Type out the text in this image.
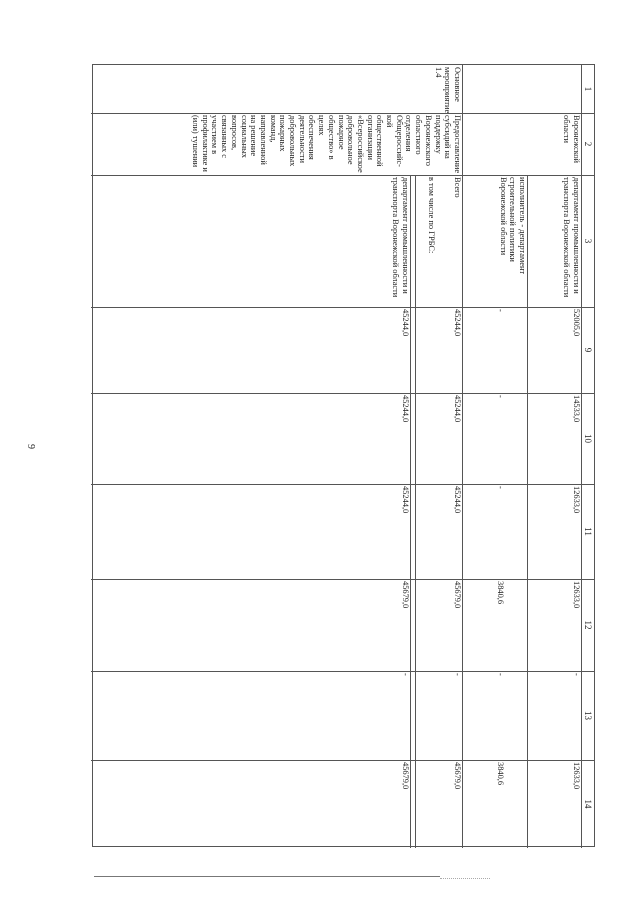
9
1
2
3
9
10
11
12
13
14
Воронежской области
департамент промышленности и транспорта Воронежской области
52005,0
14533,0
12633,0
12633,0
-
12633,0
исполнитель - департамент строительной политики Воронежской области
-
-
-
3840,6
-
3840,6
Основное мероприятие 1.4
Предоставление субсидий на поддержку Воронежского областного отделения Общероссийс-кой общественной организации «Всероссийское добровольное пожарное общество» в целях обеспечения деятельности добровольных пожарных команд, направленной на решение социальных вопросов, связанных с участием в профилактике и (или) тушении
Всего
45244,0
45244,0
45244,0
45679,0
-
45679,0
в том числе по ГРБС:
департамент промышленности и транспорта Воронежской области
45244,0
45244,0
45244,0
45679,0
-
45679,0
